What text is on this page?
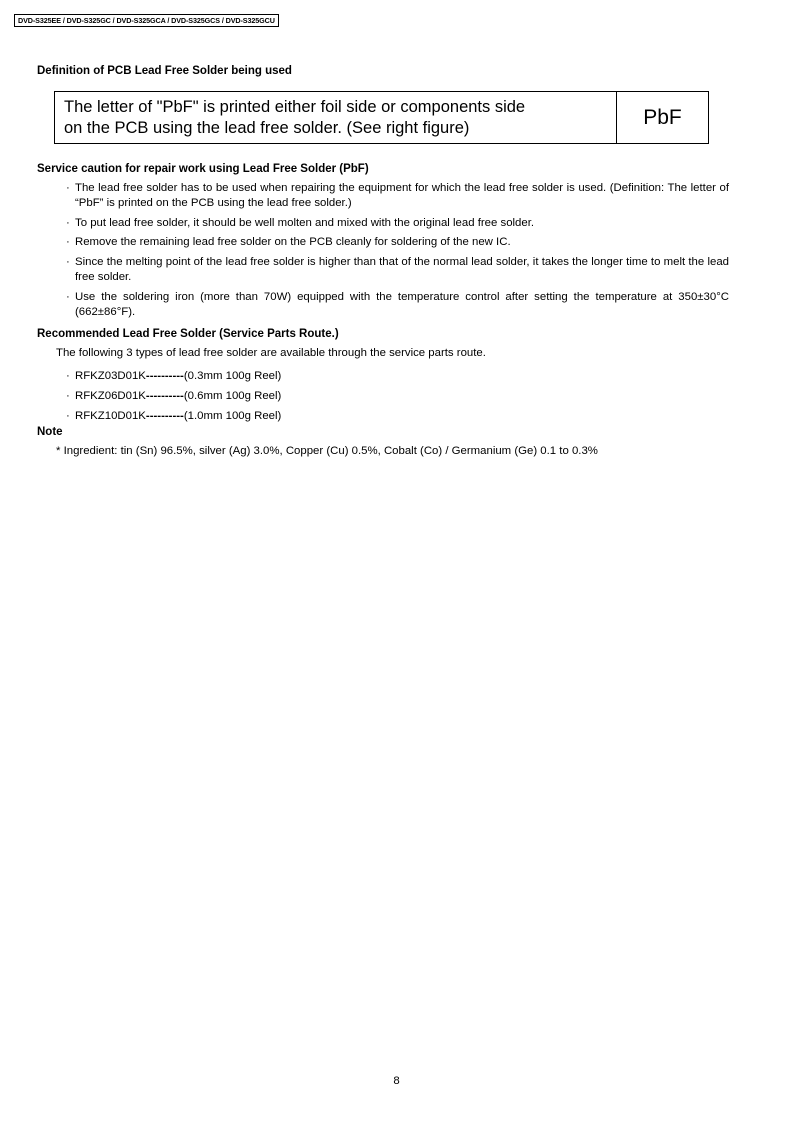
DVD-S325EE / DVD-S325GC / DVD-S325GCA / DVD-S325GCS / DVD-S325GCU
Definition of PCB Lead Free Solder being used
The letter of "PbF" is printed either foil side or components side
on the PCB using the lead free solder. (See right figure)	PbF
Service caution for repair work using Lead Free Solder (PbF)
· The lead free solder has to be used when repairing the equipment for which the lead free solder is used. (Definition: The letter of “PbF” is printed on the PCB using the lead free solder.)
· To put lead free solder, it should be well molten and mixed with the original lead free solder.
· Remove the remaining lead free solder on the PCB cleanly for soldering of the new IC.
· Since the melting point of the lead free solder is higher than that of the normal lead solder, it takes the longer time to melt the lead free solder.
· Use the soldering iron (more than 70W) equipped with the temperature control after setting the temperature at 350±30°C (662±86°F).
Recommended Lead Free Solder (Service Parts Route.)
The following 3 types of lead free solder are available through the service parts route.
· RFKZ03D01K----------(0.3mm 100g Reel)
· RFKZ06D01K----------(0.6mm 100g Reel)
· RFKZ10D01K----------(1.0mm 100g Reel)
Note
* Ingredient: tin (Sn) 96.5%, silver (Ag) 3.0%, Copper (Cu) 0.5%, Cobalt (Co) / Germanium (Ge) 0.1 to 0.3%
8
